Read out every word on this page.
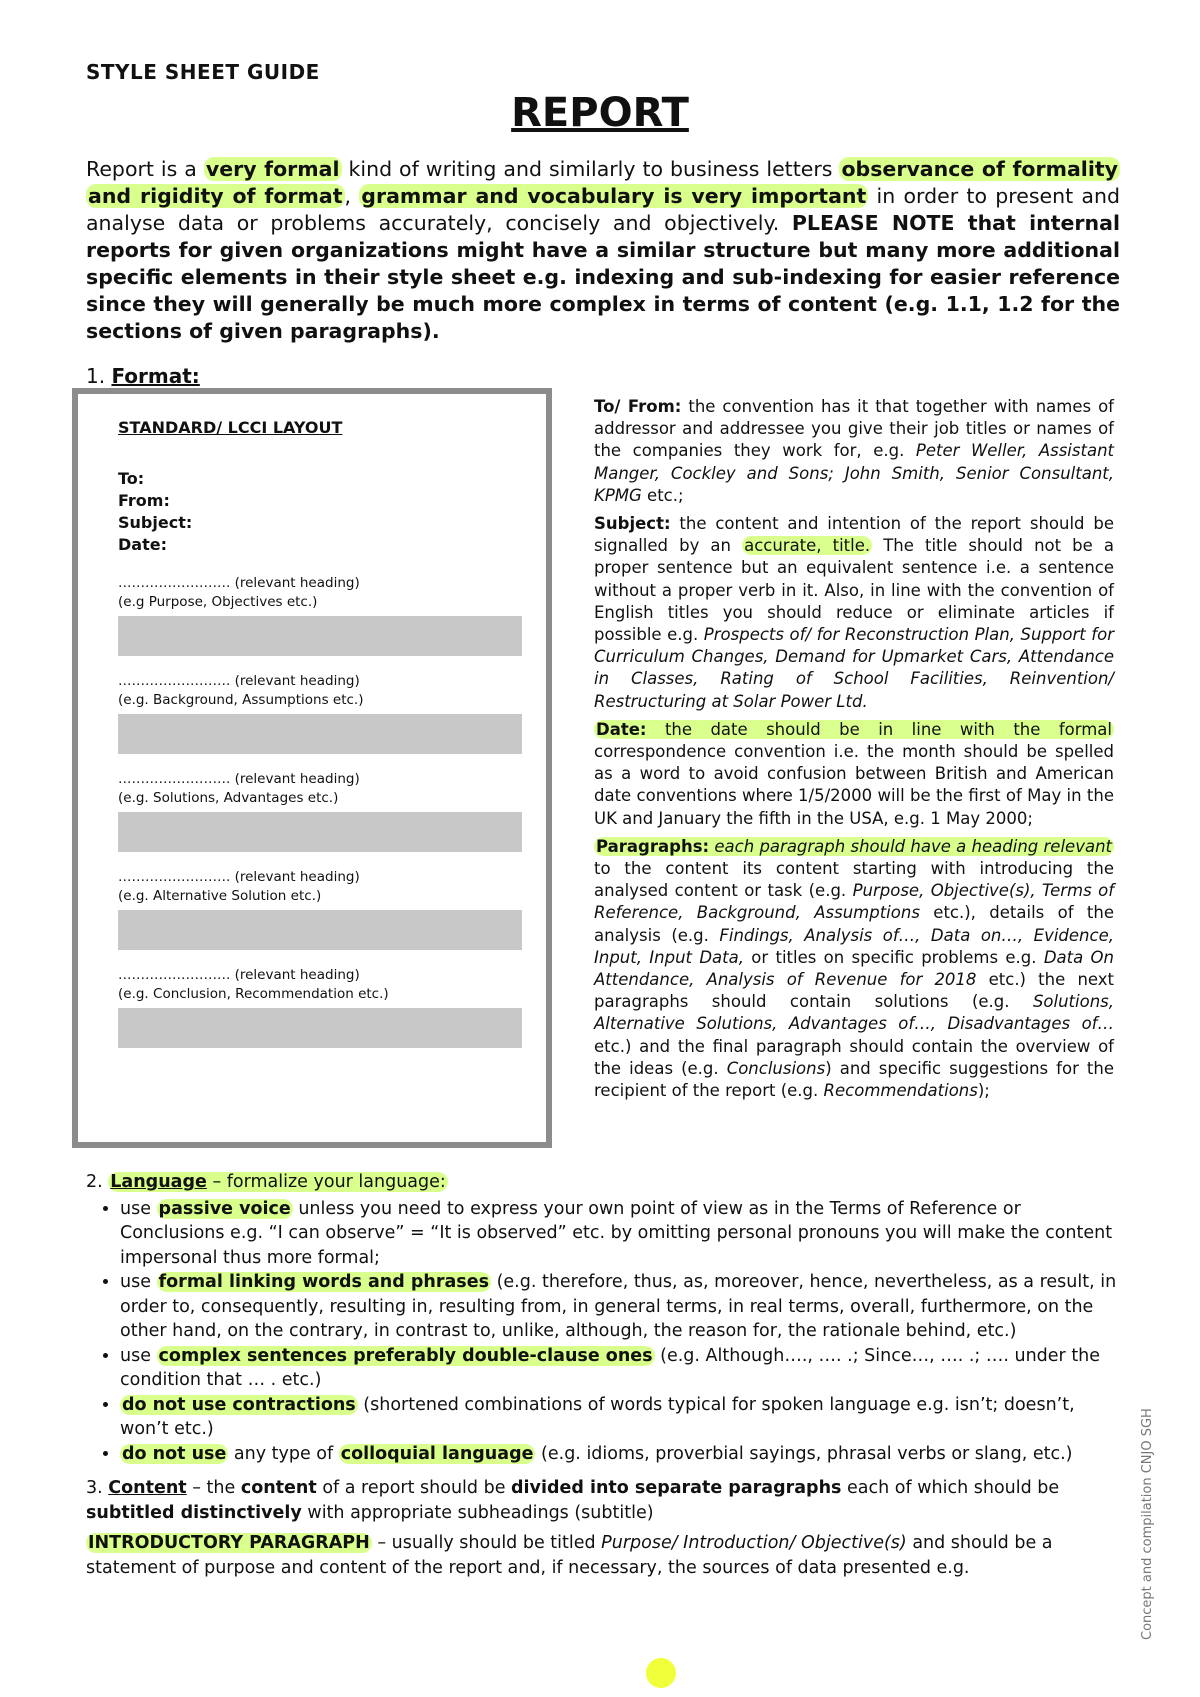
STYLE SHEET GUIDE
REPORT
Report is a very formal kind of writing and similarly to business letters observance of formality and rigidity of format, grammar and vocabulary is very important in order to present and analyse data or problems accurately, concisely and objectively. PLEASE NOTE that internal reports for given organizations might have a similar structure but many more additional specific elements in their style sheet e.g. indexing and sub-indexing for easier reference since they will generally be much more complex in terms of content (e.g. 1.1, 1.2 for the sections of given paragraphs).
1. Format:
STANDARD/ LCCI LAYOUT
To:
From:
Subject:
Date:
……………………. (relevant heading)
(e.g Purpose, Objectives etc.)
……………………. (relevant heading)
(e.g. Background, Assumptions etc.)
……………………. (relevant heading)
(e.g. Solutions, Advantages etc.)
……………………. (relevant heading)
(e.g. Alternative Solution etc.)
……………………. (relevant heading)
(e.g. Conclusion, Recommendation etc.)

To/ From: the convention has it that together with names of addressor and addressee you give their job titles or names of the companies they work for, e.g. Peter Weller, Assistant Manger, Cockley and Sons; John Smith, Senior Consultant, KPMG etc.;

Subject: the content and intention of the report should be signalled by an accurate, title. The title should not be a proper sentence but an equivalent sentence i.e. a sentence without a proper verb in it. Also, in line with the convention of English titles you should reduce or eliminate articles if possible e.g. Prospects of/ for Reconstruction Plan, Support for Curriculum Changes, Demand for Upmarket Cars, Attendance in Classes, Rating of School Facilities, Reinvention/ Restructuring at Solar Power Ltd.

Date: the date should be in line with the formal correspondence convention i.e. the month should be spelled as a word to avoid confusion between British and American date conventions where 1/5/2000 will be the first of May in the UK and January the fifth in the USA, e.g. 1 May 2000;

Paragraphs: each paragraph should have a heading relevant to the content its content starting with introducing the analysed content or task (e.g. Purpose, Objective(s), Terms of Reference, Background, Assumptions etc.), details of the analysis (e.g. Findings, Analysis of…, Data on…, Evidence, Input, Input Data, or titles on specific problems e.g. Data On Attendance, Analysis of Revenue for 2018 etc.) the next paragraphs should contain solutions (e.g. Solutions, Alternative Solutions, Advantages of…, Disadvantages of… etc.) and the final paragraph should contain the overview of the ideas (e.g. Conclusions) and specific suggestions for the recipient of the report (e.g. Recommendations);

2. Language – formalize your language:

• use passive voice unless you need to express your own point of view as in the Terms of Reference or Conclusions e.g. “I can observe” = “It is observed” etc. by omitting personal pronouns you will make the content impersonal thus more formal;
• use formal linking words and phrases (e.g. therefore, thus, as, moreover, hence, nevertheless, as a result, in order to, consequently, resulting in, resulting from, in general terms, in real terms, overall, furthermore, on the other hand, on the contrary, in contrast to, unlike, although, the reason for, the rationale behind, etc.)
• use complex sentences preferably double-clause ones (e.g. Although…., …. .; Since…, …. .; …. under the condition that … . etc.)
• do not use contractions (shortened combinations of words typical for spoken language e.g. isn’t; doesn’t, won’t etc.)
• do not use any type of colloquial language (e.g. idioms, proverbial sayings, phrasal verbs or slang, etc.)

3. Content – the content of a report should be divided into separate paragraphs each of which should be subtitled distinctively with appropriate subheadings (subtitle)

INTRODUCTORY PARAGRAPH – usually should be titled Purpose/ Introduction/ Objective(s) and should be a statement of purpose and content of the report and, if necessary, the sources of data presented e.g.	Concept and compilation CNJO SGH
